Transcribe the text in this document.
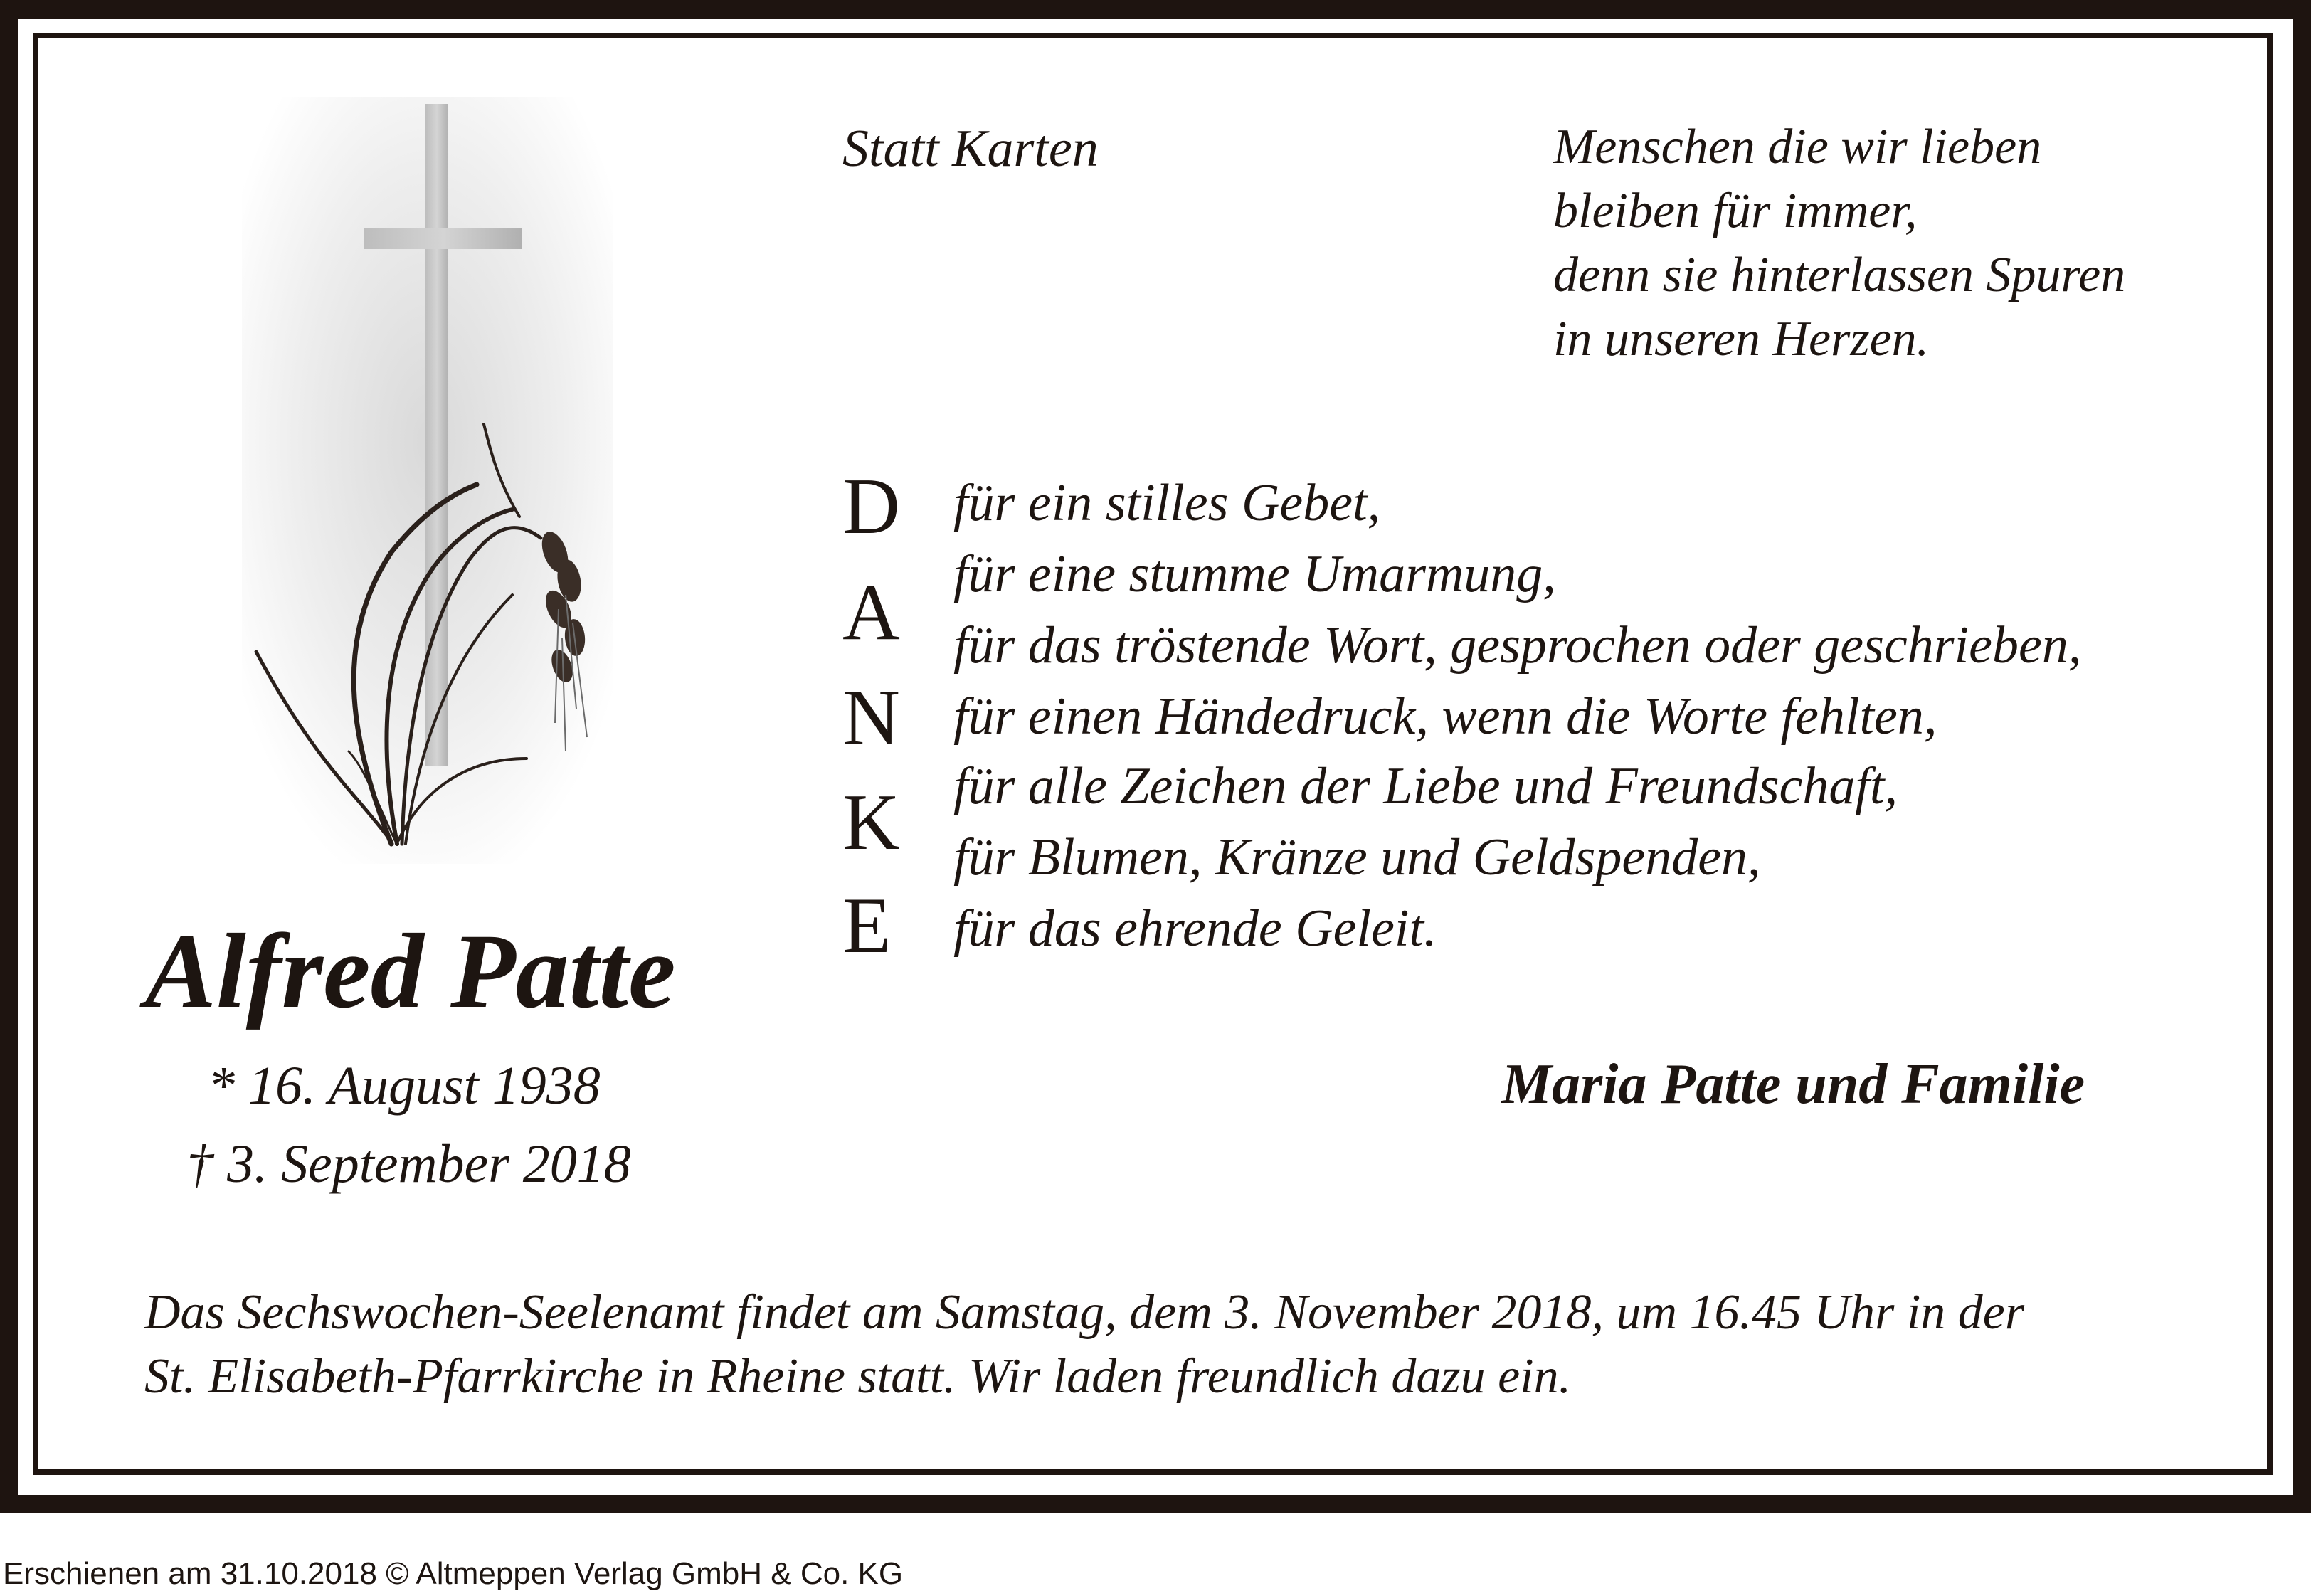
Statt Karten	Menschen die wir lieben
bleiben für immer,
denn sie hinterlassen Spuren
in unseren Herzen.
D
A
N
K
E
für ein stilles Gebet,
für eine stumme Umarmung,
für das tröstende Wort, gesprochen oder geschrieben,
für einen Händedruck, wenn die Worte fehlten,
für alle Zeichen der Liebe und Freundschaft,
für Blumen, Kränze und Geldspenden,
für das ehrende Geleit.
Alfred Patte
* 16. August 1938
† 3. September 2018
Maria Patte und Familie
Das Sechswochen-Seelenamt findet am Samstag, dem 3. November 2018, um 16.45 Uhr in der
St. Elisabeth-Pfarrkirche in Rheine statt. Wir laden freundlich dazu ein.
Erschienen am 31.10.2018 © Altmeppen Verlag GmbH & Co. KG
